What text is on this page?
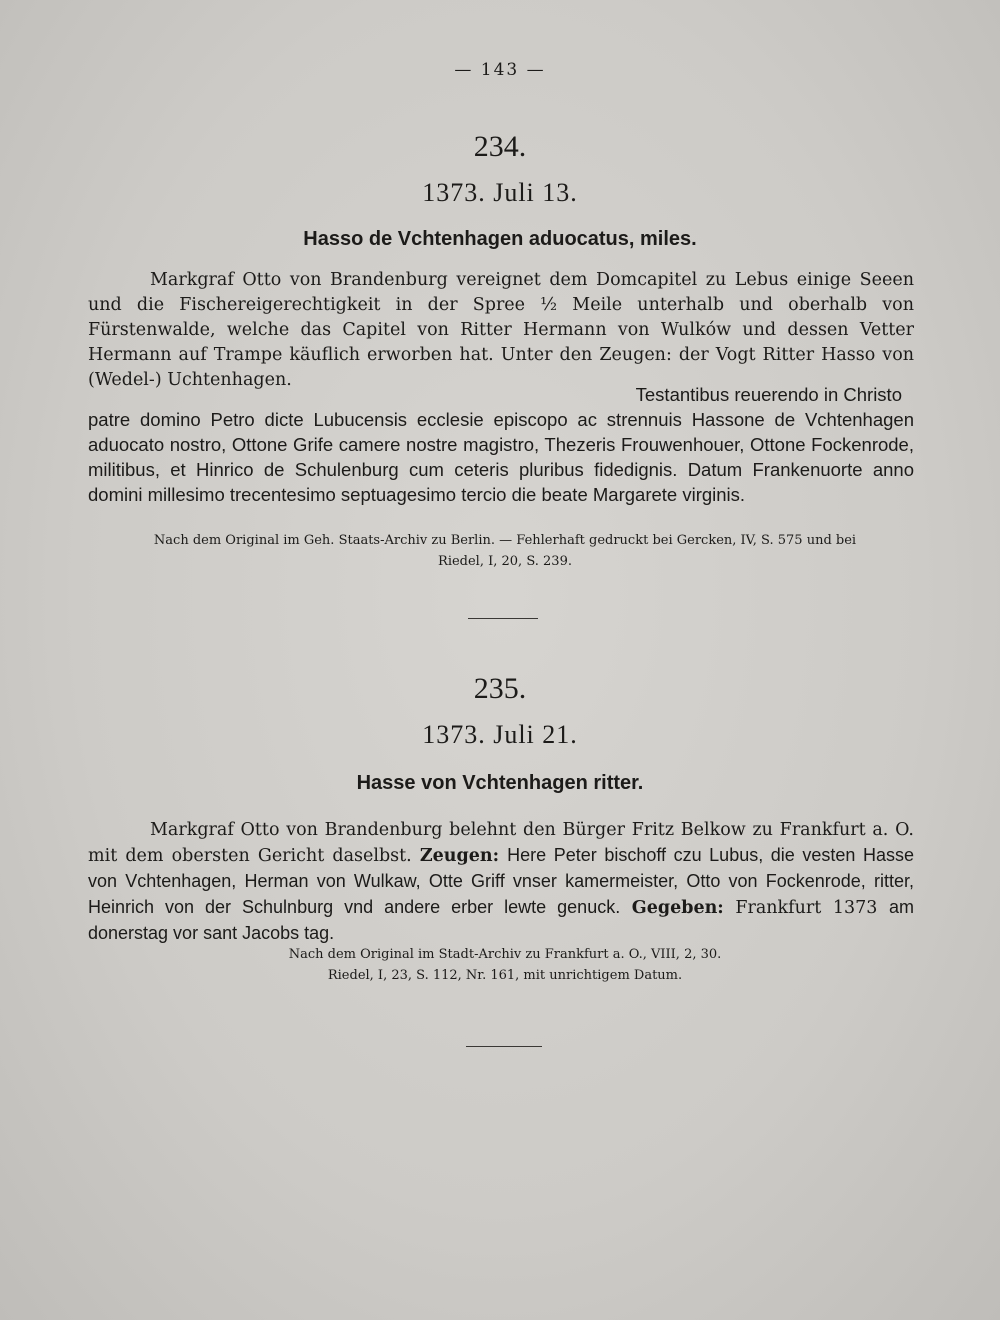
— 143 —
234.
1373. Juli 13.
Hasso de Vchtenhagen aduocatus, miles.
Markgraf Otto von Brandenburg vereignet dem Domcapitel zu Lebus einige Seeen und die Fischereigerechtigkeit in der Spree ½ Meile unterhalb und oberhalb von Fürstenwalde, welche das Capitel von Ritter Hermann von Wulków und dessen Vetter Hermann auf Trampe käuflich erworben hat. Unter den Zeugen: der Vogt Ritter Hasso von (Wedel-) Uchtenhagen.
Testantibus reuerendo in Christo
patre domino Petro dicte Lubucensis ecclesie episcopo ac strennuis Hassone de Vchtenhagen aduocato nostro, Ottone Grife camere nostre magistro, Thezeris Frouwenhouer, Ottone Fockenrode, militibus, et Hinrico de Schulenburg cum ceteris pluribus fidedignis. Datum Frankenuorte anno domini millesimo trecentesimo septuagesimo tercio die beate Margarete virginis.
Nach dem Original im Geh. Staats-Archiv zu Berlin. — Fehlerhaft gedruckt bei Gercken, IV, S. 575 und bei
Riedel, I, 20, S. 239.
235.
1373. Juli 21.
Hasse von Vchtenhagen ritter.
Markgraf Otto von Brandenburg belehnt den Bürger Fritz Belkow zu Frankfurt a. O. mit dem obersten Gericht daselbst. Zeugen: Here Peter bischoff czu Lubus, die vesten Hasse von Vchtenhagen, Herman von Wulkaw, Otte Griff vnser kamermeister, Otto von Fockenrode, ritter, Heinrich von der Schulnburg vnd andere erber lewte genuck. Gegeben: Frankfurt 1373 am donerstag vor sant Jacobs tag.
Nach dem Original im Stadt-Archiv zu Frankfurt a. O., VIII, 2, 30.
Riedel, I, 23, S. 112, Nr. 161, mit unrichtigem Datum.
